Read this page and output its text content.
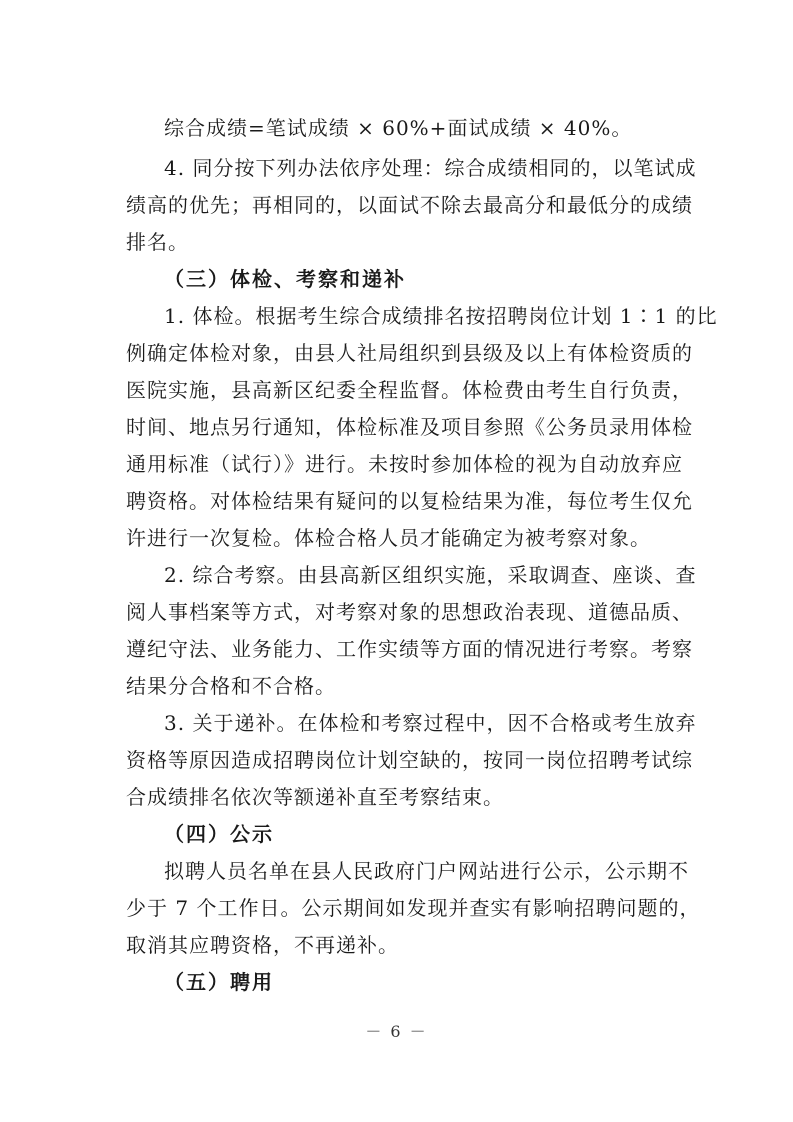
综合成绩=笔试成绩 × 60%+面试成绩 × 40%。
4. 同分按下列办法依序处理：综合成绩相同的，以笔试成
绩高的优先；再相同的，以面试不除去最高分和最低分的成绩
排名。
（三）体检、考察和递补
1. 体检。根据考生综合成绩排名按招聘岗位计划 1∶1 的比
例确定体检对象，由县人社局组织到县级及以上有体检资质的
医院实施，县高新区纪委全程监督。体检费由考生自行负责，
时间、地点另行通知，体检标准及项目参照《公务员录用体检
通用标准（试行）》进行。未按时参加体检的视为自动放弃应
聘资格。对体检结果有疑问的以复检结果为准，每位考生仅允
许进行一次复检。体检合格人员才能确定为被考察对象。
2. 综合考察。由县高新区组织实施，采取调查、座谈、查
阅人事档案等方式，对考察对象的思想政治表现、道德品质、
遵纪守法、业务能力、工作实绩等方面的情况进行考察。考察
结果分合格和不合格。
3. 关于递补。在体检和考察过程中，因不合格或考生放弃
资格等原因造成招聘岗位计划空缺的，按同一岗位招聘考试综
合成绩排名依次等额递补直至考察结束。
（四）公示
拟聘人员名单在县人民政府门户网站进行公示，公示期不
少于 7 个工作日。公示期间如发现并查实有影响招聘问题的，
取消其应聘资格，不再递补。
（五）聘用
－ 6 －
